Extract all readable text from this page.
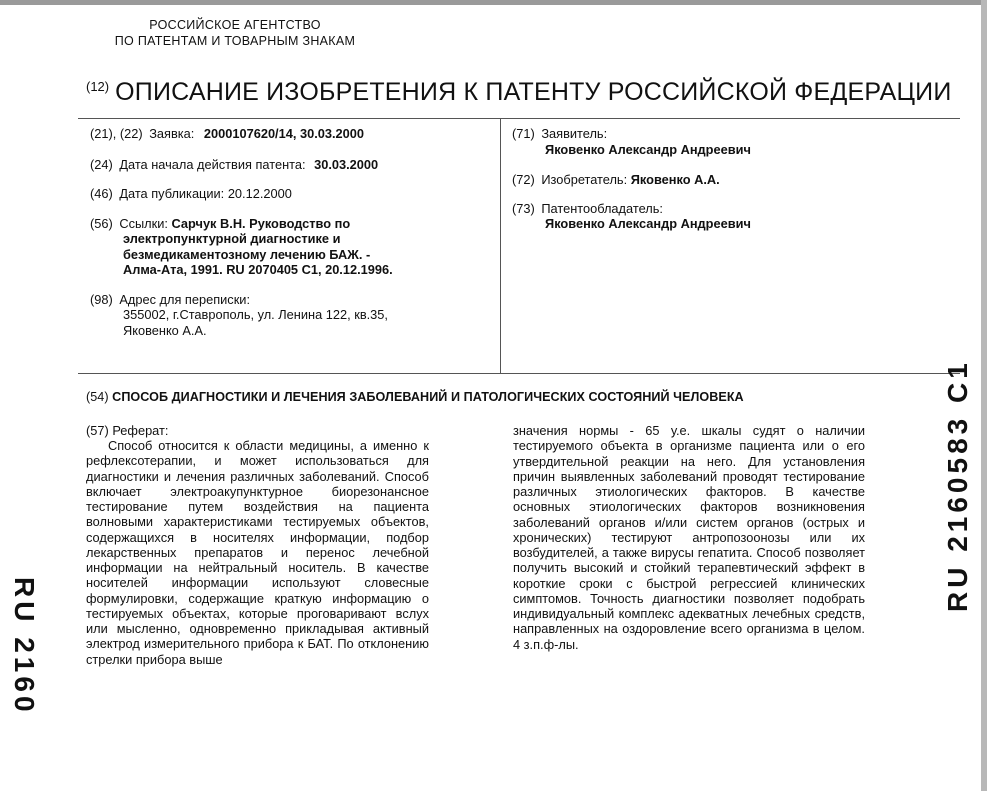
РОССИЙСКОЕ АГЕНТСТВО
ПО ПАТЕНТАМ И ТОВАРНЫМ ЗНАКАМ
$^{(12)}$ ОПИСАНИЕ ИЗОБРЕТЕНИЯ К ПАТЕНТУ РОССИЙСКОЙ ФЕДЕРАЦИИ
(21), (22) Заявка: 2000107620/14, 30.03.2000
(24) Дата начала действия патента: 30.03.2000
(46) Дата публикации: 20.12.2000
(56) Ссылки: Сарчук В.Н. Руководство по
электропунктурной диагностике и
безмедикаментозному лечению БАЖ. -
Алма-Ата, 1991. RU 2070405 C1, 20.12.1996.
(98) Адрес для переписки:
355002, г.Ставрополь, ул. Ленина 122, кв.35,
Яковенко А.А.
(71) Заявитель:
Яковенко Александр Андреевич
(72) Изобретатель: Яковенко А.А.
(73) Патентообладатель:
Яковенко Александр Андреевич
(54) СПОСОБ ДИАГНОСТИКИ И ЛЕЧЕНИЯ ЗАБОЛЕВАНИЙ И ПАТОЛОГИЧЕСКИХ СОСТОЯНИЙ ЧЕЛОВЕКА
(57) Реферат:
Способ относится к области медицины, а именно к рефлексотерапии, и может использоваться для диагностики и лечения различных заболеваний. Способ включает электроакупунктурное биорезонансное тестирование путем воздействия на пациента волновыми характеристиками тестируемых объектов, содержащихся в носителях информации, подбор лекарственных препаратов и перенос лечебной информации на нейтральный носитель. В качестве носителей информации используют словесные формулировки, содержащие краткую информацию о тестируемых объектах, которые проговаривают вслух или мысленно, одновременно прикладывая активный электрод измерительного прибора к БАТ. По отклонению стрелки прибора выше
значения нормы - 65 у.е. шкалы судят о наличии тестируемого объекта в организме пациента или о его утвердительной реакции на него. Для установления причин выявленных заболеваний проводят тестирование различных этиологических факторов. В качестве основных этиологических факторов возникновения заболеваний органов и/или систем органов (острых и хронических) тестируют антропозоонозы или их возбудителей, а также вирусы гепатита. Способ позволяет получить высокий и стойкий терапевтический эффект в короткие сроки с быстрой регрессией клинических симптомов. Точность диагностики позволяет подобрать индивидуальный комплекс адекватных лечебных средств, направленных на оздоровление всего организма в целом. 4 з.п.ф-лы.
RU 2160
RU 2160583 C1
